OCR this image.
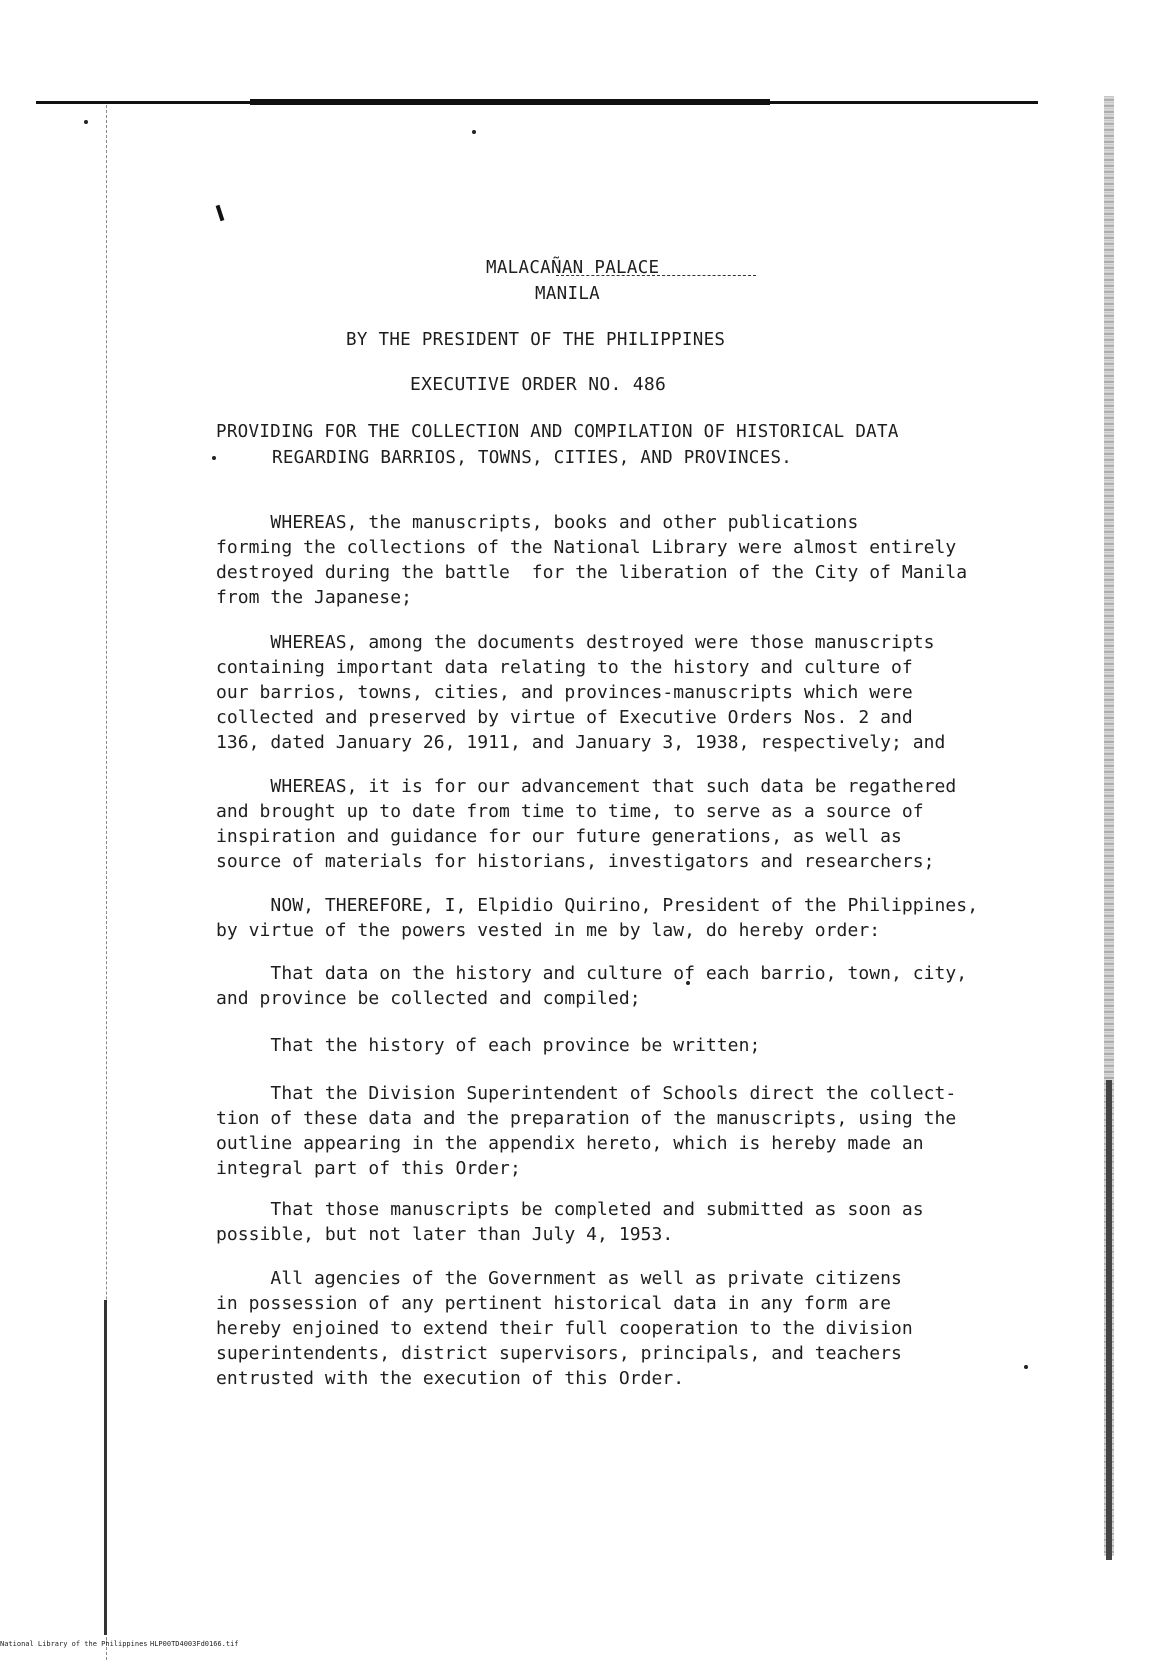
MALACAÑAN PALACE
MANILA
BY THE PRESIDENT OF THE PHILIPPINES
EXECUTIVE ORDER NO. 486
PROVIDING FOR THE COLLECTION AND COMPILATION OF HISTORICAL DATA
REGARDING BARRIOS, TOWNS, CITIES, AND PROVINCES.

WHEREAS, the manuscripts, books and other publications
forming the collections of the National Library were almost entirely
destroyed during the battle  for the liberation of the City of Manila
from the Japanese;

WHEREAS, among the documents destroyed were those manuscripts
containing important data relating to the history and culture of
our barrios, towns, cities, and provinces-manuscripts which were
collected and preserved by virtue of Executive Orders Nos. 2 and
136, dated January 26, 1911, and January 3, 1938, respectively; and

WHEREAS, it is for our advancement that such data be regathered
and brought up to date from time to time, to serve as a source of
inspiration and guidance for our future generations, as well as
source of materials for historians, investigators and researchers;

NOW, THEREFORE, I, Elpidio Quirino, President of the Philippines,
by virtue of the powers vested in me by law, do hereby order:

That data on the history and culture of each barrio, town, city,
and province be collected and compiled;

That the history of each province be written;

That the Division Superintendent of Schools direct the collect-
tion of these data and the preparation of the manuscripts, using the
outline appearing in the appendix hereto, which is hereby made an
integral part of this Order;

That those manuscripts be completed and submitted as soon as
possible, but not later than July 4, 1953.

All agencies of the Government as well as private citizens
in possession of any pertinent historical data in any form are
hereby enjoined to extend their full cooperation to the division
superintendents, district supervisors, principals, and teachers
entrusted with the execution of this Order.

National Library of the Philippines HLP00TD4003Fd0166.tif
